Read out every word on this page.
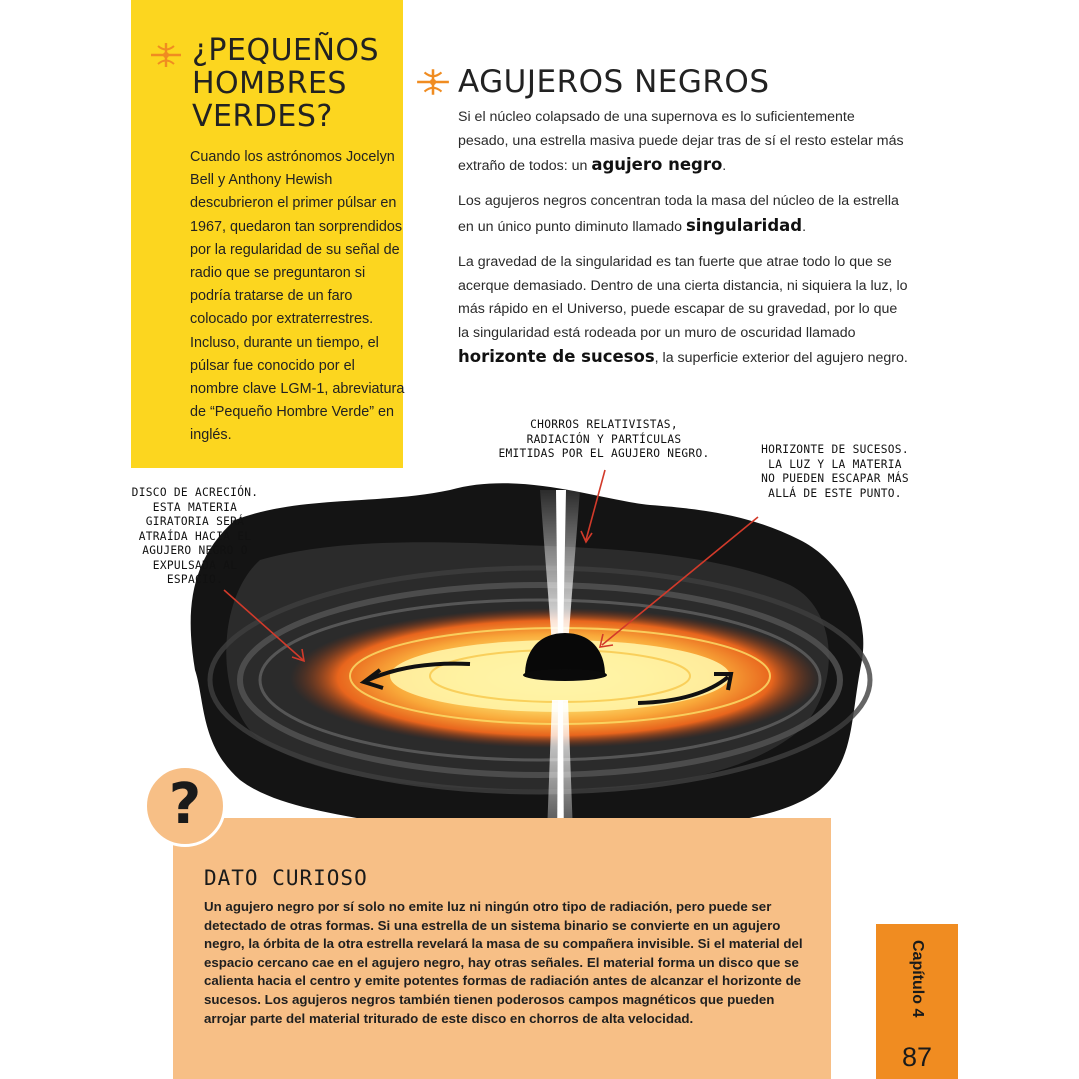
¿PEQUEÑOS HOMBRES VERDES?

Cuando los astrónomos Jocelyn Bell y Anthony Hewish descubrieron el primer púlsar en 1967, quedaron tan sorprendidos por la regularidad de su señal de radio que se preguntaron si podría tratarse de un faro colocado por extraterrestres. Incluso, durante un tiempo, el púlsar fue conocido por el nombre clave LGM-1, abreviatura de “Pequeño Hombre Verde” en inglés.

AGUJEROS NEGROS

Si el núcleo colapsado de una supernova es lo suficientemente pesado, una estrella masiva puede dejar tras de sí el resto estelar más extraño de todos: un agujero negro.

Los agujeros negros concentran toda la masa del núcleo de la estrella en un único punto diminuto llamado singularidad.

La gravedad de la singularidad es tan fuerte que atrae todo lo que se acerque demasiado. Dentro de una cierta distancia, ni siquiera la luz, lo más rápido en el Universo, puede escapar de su gravedad, por lo que la singularidad está rodeada por un muro de oscuridad llamado horizonte de sucesos, la superficie exterior del agujero negro.

CHORROS RELATIVISTAS, RADIACIÓN Y PARTÍCULAS EMITIDAS POR EL AGUJERO NEGRO.	HORIZONTE DE SUCESOS. LA LUZ Y LA MATERIA NO PUEDEN ESCAPAR MÁS ALLÁ DE ESTE PUNTO.

DISCO DE ACRECIÓN. ESTA MATERIA GIRATORIA SERÁ ATRAÍDA HACIA EL AGUJERO NEGRO O EXPULSADA AL ESPACIO.

DATO CURIOSO

Un agujero negro por sí solo no emite luz ni ningún otro tipo de radiación, pero puede ser detectado de otras formas. Si una estrella de un sistema binario se convierte en un agujero negro, la órbita de la otra estrella revelará la masa de su compañera invisible. Si el material del espacio cercano cae en el agujero negro, hay otras señales. El material forma un disco que se calienta hacia el centro y emite potentes formas de radiación antes de alcanzar el horizonte de sucesos. Los agujeros negros también tienen poderosos campos magnéticos que pueden arrojar parte del material triturado de este disco en chorros de alta velocidad.

?

Capítulo 4

87
